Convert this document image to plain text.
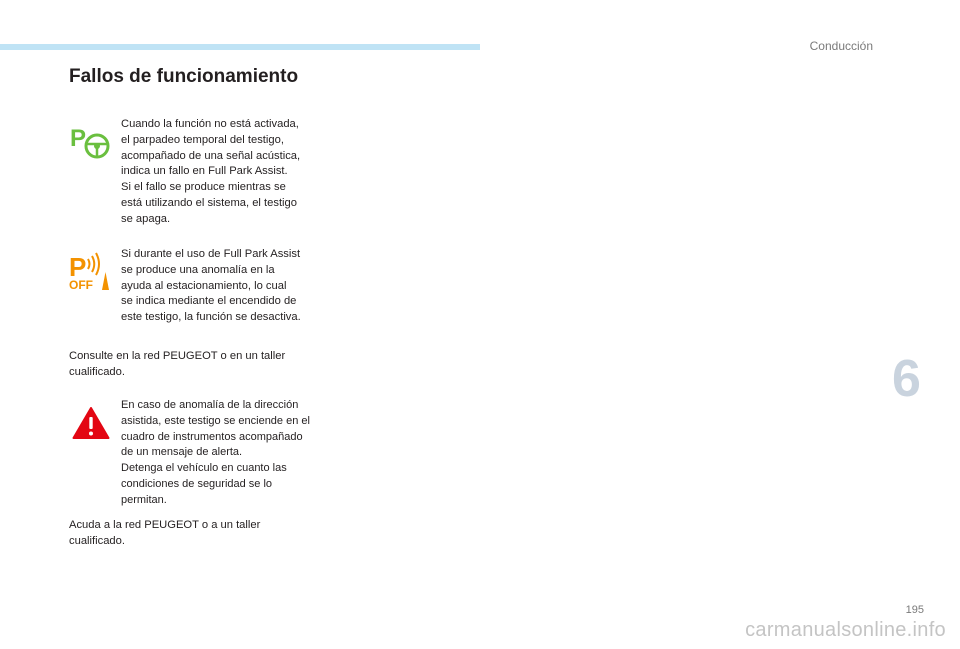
Conducción
Fallos de funcionamiento
P

Cuando la función no está activada,
el parpadeo temporal del testigo,
acompañado de una señal acústica,
indica un fallo en Full Park Assist.
Si el fallo se produce mientras se
está utilizando el sistema, el testigo
se apaga.

P
OFF

Si durante el uso de Full Park Assist
se produce una anomalía en la
ayuda al estacionamiento, lo cual
se indica mediante el encendido de
este testigo, la función se desactiva.

Consulte en la red PEUGEOT o en un taller
cualificado.

En caso de anomalía de la dirección
asistida, este testigo se enciende en el
cuadro de instrumentos acompañado
de un mensaje de alerta.
Detenga el vehículo en cuanto las
condiciones de seguridad se lo
permitan.

Acuda a la red PEUGEOT o a un taller
cualificado.

6
195
carmanualsonline.info
